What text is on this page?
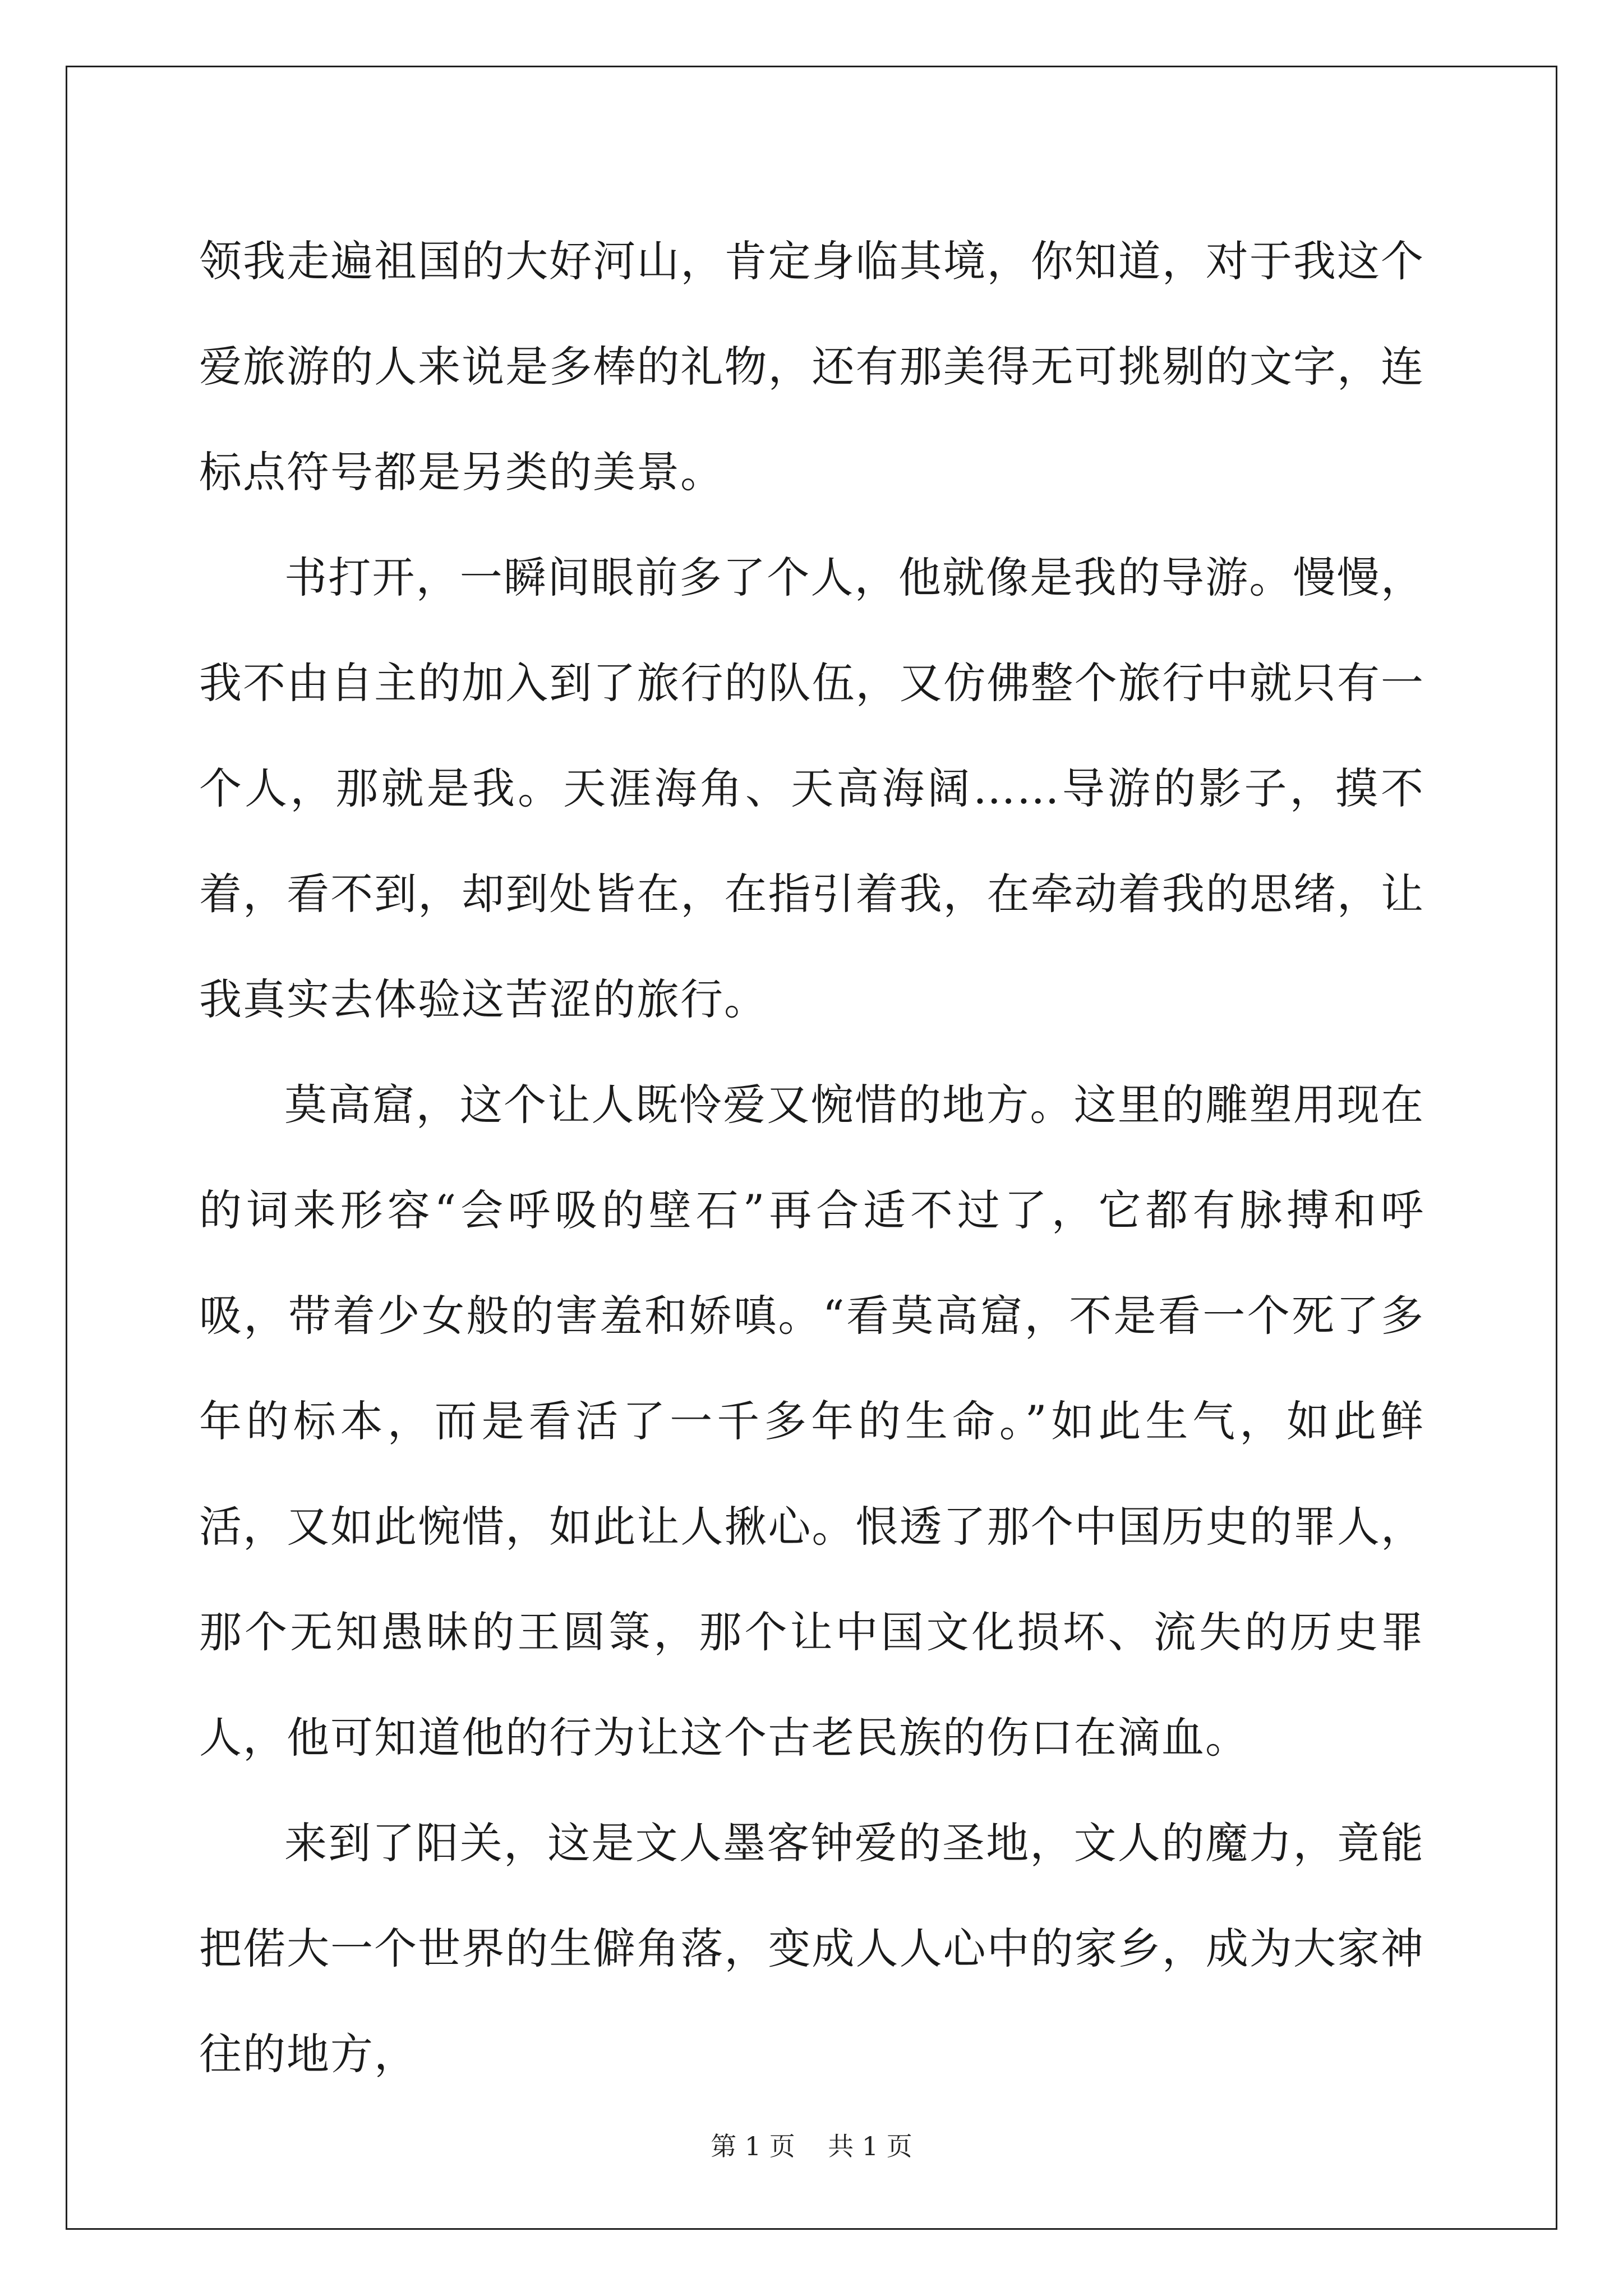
领我走遍祖国的大好河山，肯定身临其境，你知道，对于我这个爱旅游的人来说是多棒的礼物，还有那美得无可挑剔的文字，连标点符号都是另类的美景。

书打开，一瞬间眼前多了个人，他就像是我的导游。慢慢，我不由自主的加入到了旅行的队伍，又仿佛整个旅行中就只有一个人，那就是我。天涯海角、天高海阔……导游的影子，摸不着，看不到，却到处皆在，在指引着我，在牵动着我的思绪，让我真实去体验这苦涩的旅行。

莫高窟，这个让人既怜爱又惋惜的地方。这里的雕塑用现在的词来形容“会呼吸的壁石”再合适不过了，它都有脉搏和呼吸，带着少女般的害羞和娇嗔。“看莫高窟，不是看一个死了多年的标本，而是看活了一千多年的生命。”如此生气，如此鲜活，又如此惋惜，如此让人揪心。恨透了那个中国历史的罪人，那个无知愚昧的王圆箓，那个让中国文化损坏、流失的历史罪人，他可知道他的行为让这个古老民族的伤口在滴血。

来到了阳关，这是文人墨客钟爱的圣地，文人的魔力，竟能把偌大一个世界的生僻角落，变成人人心中的家乡，成为大家神往的地方，

第 1 页    共 1 页
